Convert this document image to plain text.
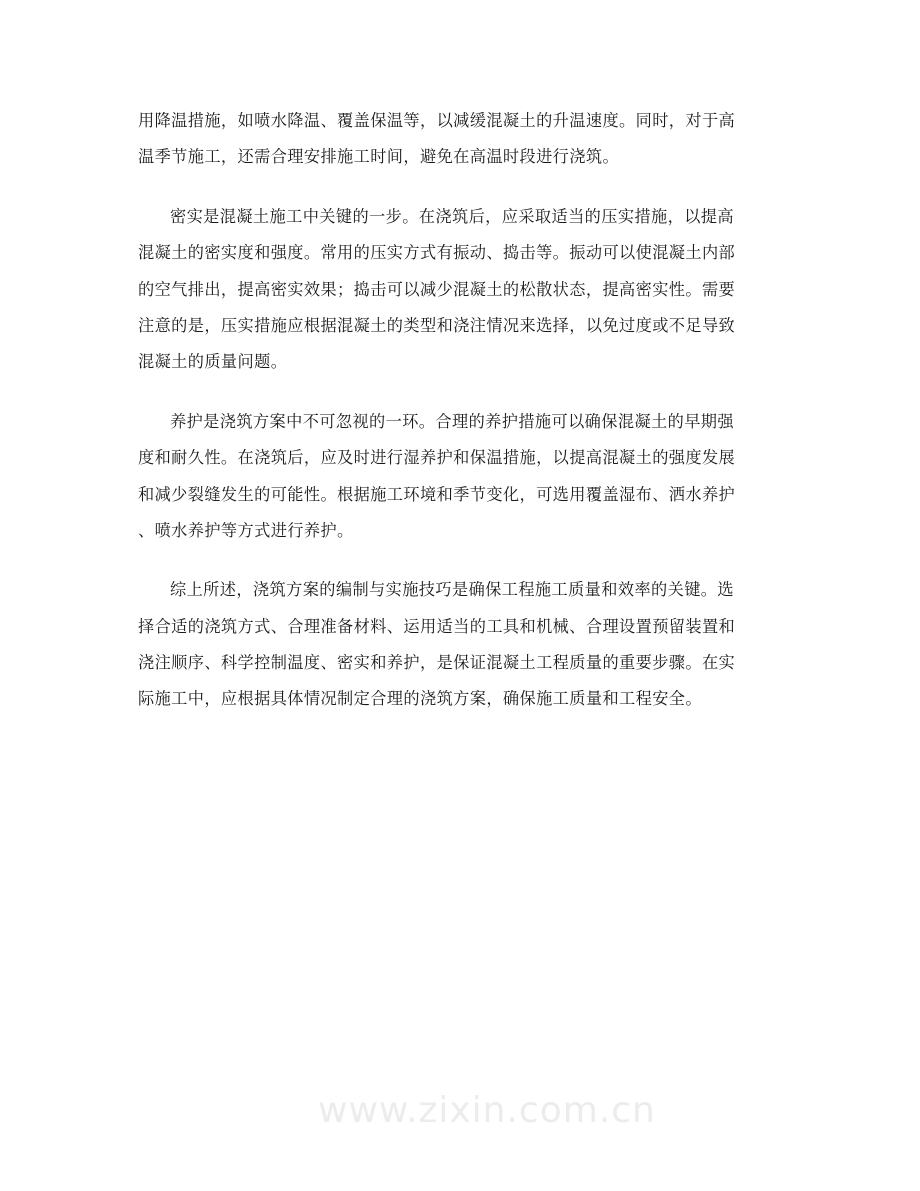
用降温措施，如喷水降温、覆盖保温等，以减缓混凝土的升温速度。同时，对于高
温季节施工，还需合理安排施工时间，避免在高温时段进行浇筑。

密实是混凝土施工中关键的一步。在浇筑后，应采取适当的压实措施，以提高
混凝土的密实度和强度。常用的压实方式有振动、捣击等。振动可以使混凝土内部
的空气排出，提高密实效果；捣击可以减少混凝土的松散状态，提高密实性。需要
注意的是，压实措施应根据混凝土的类型和浇注情况来选择，以免过度或不足导致
混凝土的质量问题。

养护是浇筑方案中不可忽视的一环。合理的养护措施可以确保混凝土的早期强
度和耐久性。在浇筑后，应及时进行湿养护和保温措施，以提高混凝土的强度发展
和减少裂缝发生的可能性。根据施工环境和季节变化，可选用覆盖湿布、洒水养护
、喷水养护等方式进行养护。

综上所述，浇筑方案的编制与实施技巧是确保工程施工质量和效率的关键。选
择合适的浇筑方式、合理准备材料、运用适当的工具和机械、合理设置预留装置和
浇注顺序、科学控制温度、密实和养护，是保证混凝土工程质量的重要步骤。在实
际施工中，应根据具体情况制定合理的浇筑方案，确保施工质量和工程安全。

www.zixin.com.cn
